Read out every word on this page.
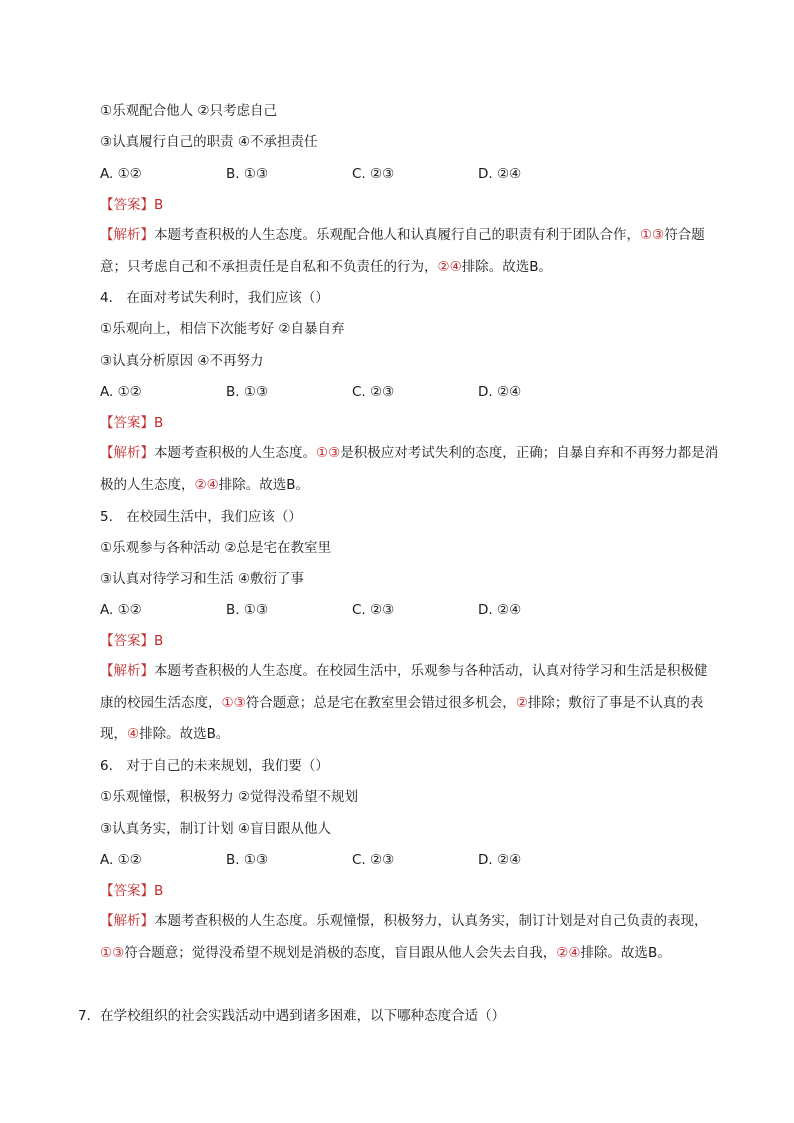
①乐观配合他人 ②只考虑自己
③认真履行自己的职责 ④不承担责任
A. ①②	B. ①③	C. ②③	D. ②④
【答案】B
【解析】本题考查积极的人生态度。乐观配合他人和认真履行自己的职责有利于团队合作，①③符合题意；只考虑自己和不承担责任是自私和不负责任的行为，②④排除。故选B。
4.　在面对考试失利时，我们应该（）
①乐观向上，相信下次能考好 ②自暴自弃
③认真分析原因 ④不再努力
A. ①②	B. ①③	C. ②③	D. ②④
【答案】B
【解析】本题考查积极的人生态度。①③是积极应对考试失利的态度，正确；自暴自弃和不再努力都是消极的人生态度，②④排除。故选B。
5.　在校园生活中，我们应该（）
①乐观参与各种活动 ②总是宅在教室里
③认真对待学习和生活 ④敷衍了事
A. ①②	B. ①③	C. ②③	D. ②④
【答案】B
【解析】本题考查积极的人生态度。在校园生活中，乐观参与各种活动，认真对待学习和生活是积极健康的校园生活态度，①③符合题意；总是宅在教室里会错过很多机会，②排除；敷衍了事是不认真的表现，④排除。故选B。
6.　对于自己的未来规划，我们要（）
①乐观憧憬，积极努力 ②觉得没希望不规划
③认真务实，制订计划 ④盲目跟从他人
A. ①②	B. ①③	C. ②③	D. ②④
【答案】B
【解析】本题考查积极的人生态度。乐观憧憬，积极努力，认真务实，制订计划是对自己负责的表现，①③符合题意；觉得没希望不规划是消极的态度，盲目跟从他人会失去自我，②④排除。故选B。
7．在学校组织的社会实践活动中遇到诸多困难，以下哪种态度合适（）
